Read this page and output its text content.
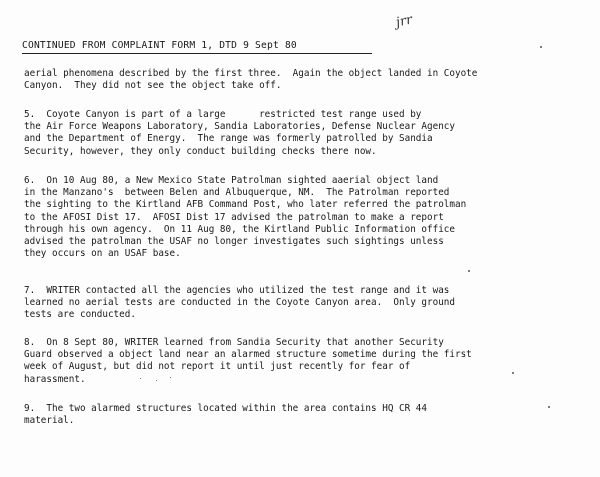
jrr
CONTINUED FROM COMPLAINT FORM 1, DTD 9 Sept 80
aerial phenomena described by the first three.  Again the object landed in Coyote
Canyon.  They did not see the object take off.
5.  Coyote Canyon is part of a large      restricted test range used by
the Air Force Weapons Laboratory, Sandia Laboratories, Defense Nuclear Agency
and the Department of Energy.  The range was formerly patrolled by Sandia
Security, however, they only conduct building checks there now.
6.  On 10 Aug 80, a New Mexico State Patrolman sighted aaerial object land
in the Manzano's  between Belen and Albuquerque, NM.  The Patrolman reported
the sighting to the Kirtland AFB Command Post, who later referred the patrolman
to the AFOSI Dist 17.  AFOSI Dist 17 advised the patrolman to make a report
through his own agency.  On 11 Aug 80, the Kirtland Public Information office
advised the patrolman the USAF no longer investigates such sightings unless
they occurs on an USAF base.
7.  WRITER contacted all the agencies who utilized the test range and it was
learned no aerial tests are conducted in the Coyote Canyon area.  Only ground
tests are conducted.
8.  On 8 Sept 80, WRITER learned from Sandia Security that another Security
Guard observed a object land near an alarmed structure sometime during the first
week of August, but did not report it until just recently for fear of
harassment.
9.  The two alarmed structures located within the area contains HQ CR 44
material.
